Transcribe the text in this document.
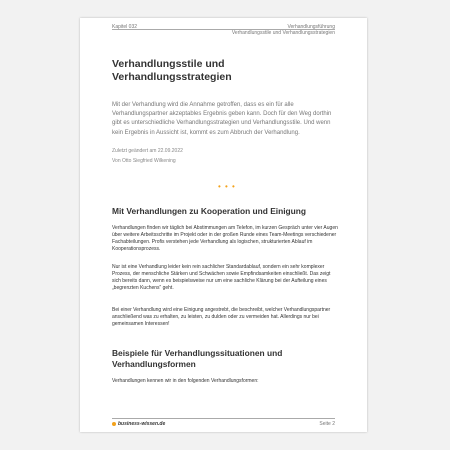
Kapitel 032	Verhandlungsführung
Verhandlungsstile und Verhandlungsstrategien
Verhandlungsstile und Verhandlungsstrategien
Mit der Verhandlung wird die Annahme getroffen, dass es ein für alle Verhandlungspartner akzeptables Ergebnis geben kann. Doch für den Weg dorthin gibt es unterschiedliche Verhandlungsstrategien und Verhandlungsstile. Und wenn kein Ergebnis in Aussicht ist, kommt es zum Abbruch der Verhandlung.
Zuletzt geändert am 22.09.2022
Von Otto Siegfried Wilkening
• • •
Mit Verhandlungen zu Kooperation und Einigung
Verhandlungen finden wir täglich bei Abstimmungen am Telefon, im kurzen Gespräch unter vier Augen über weitere Arbeitsschritte im Projekt oder in der großen Runde eines Team-Meetings verschiedener Fachabteilungen. Profis verstehen jede Verhandlung als logischen, strukturierten Ablauf im Kooperationsprozess.
Nur ist eine Verhandlung leider kein rein sachlicher Standardablauf, sondern ein sehr komplexer Prozess, der menschliche Stärken und Schwächen sowie Empfindsamkeiten einschließt. Das zeigt sich bereits dann, wenn es beispielsweise nur um eine sachliche Klärung bei der Aufteilung eines „begrenzten Kuchens“ geht.
Bei einer Verhandlung wird eine Einigung angestrebt, die beschreibt, welcher Verhandlungspartner anschließend was zu erhalten, zu leisten, zu dulden oder zu vermeiden hat. Allerdings nur bei gemeinsamen Interessen!
Beispiele für Verhandlungssituationen und Verhandlungsformen
Verhandlungen kennen wir in den folgenden Verhandlungsformen:
business-wissen.de	Seite 2
